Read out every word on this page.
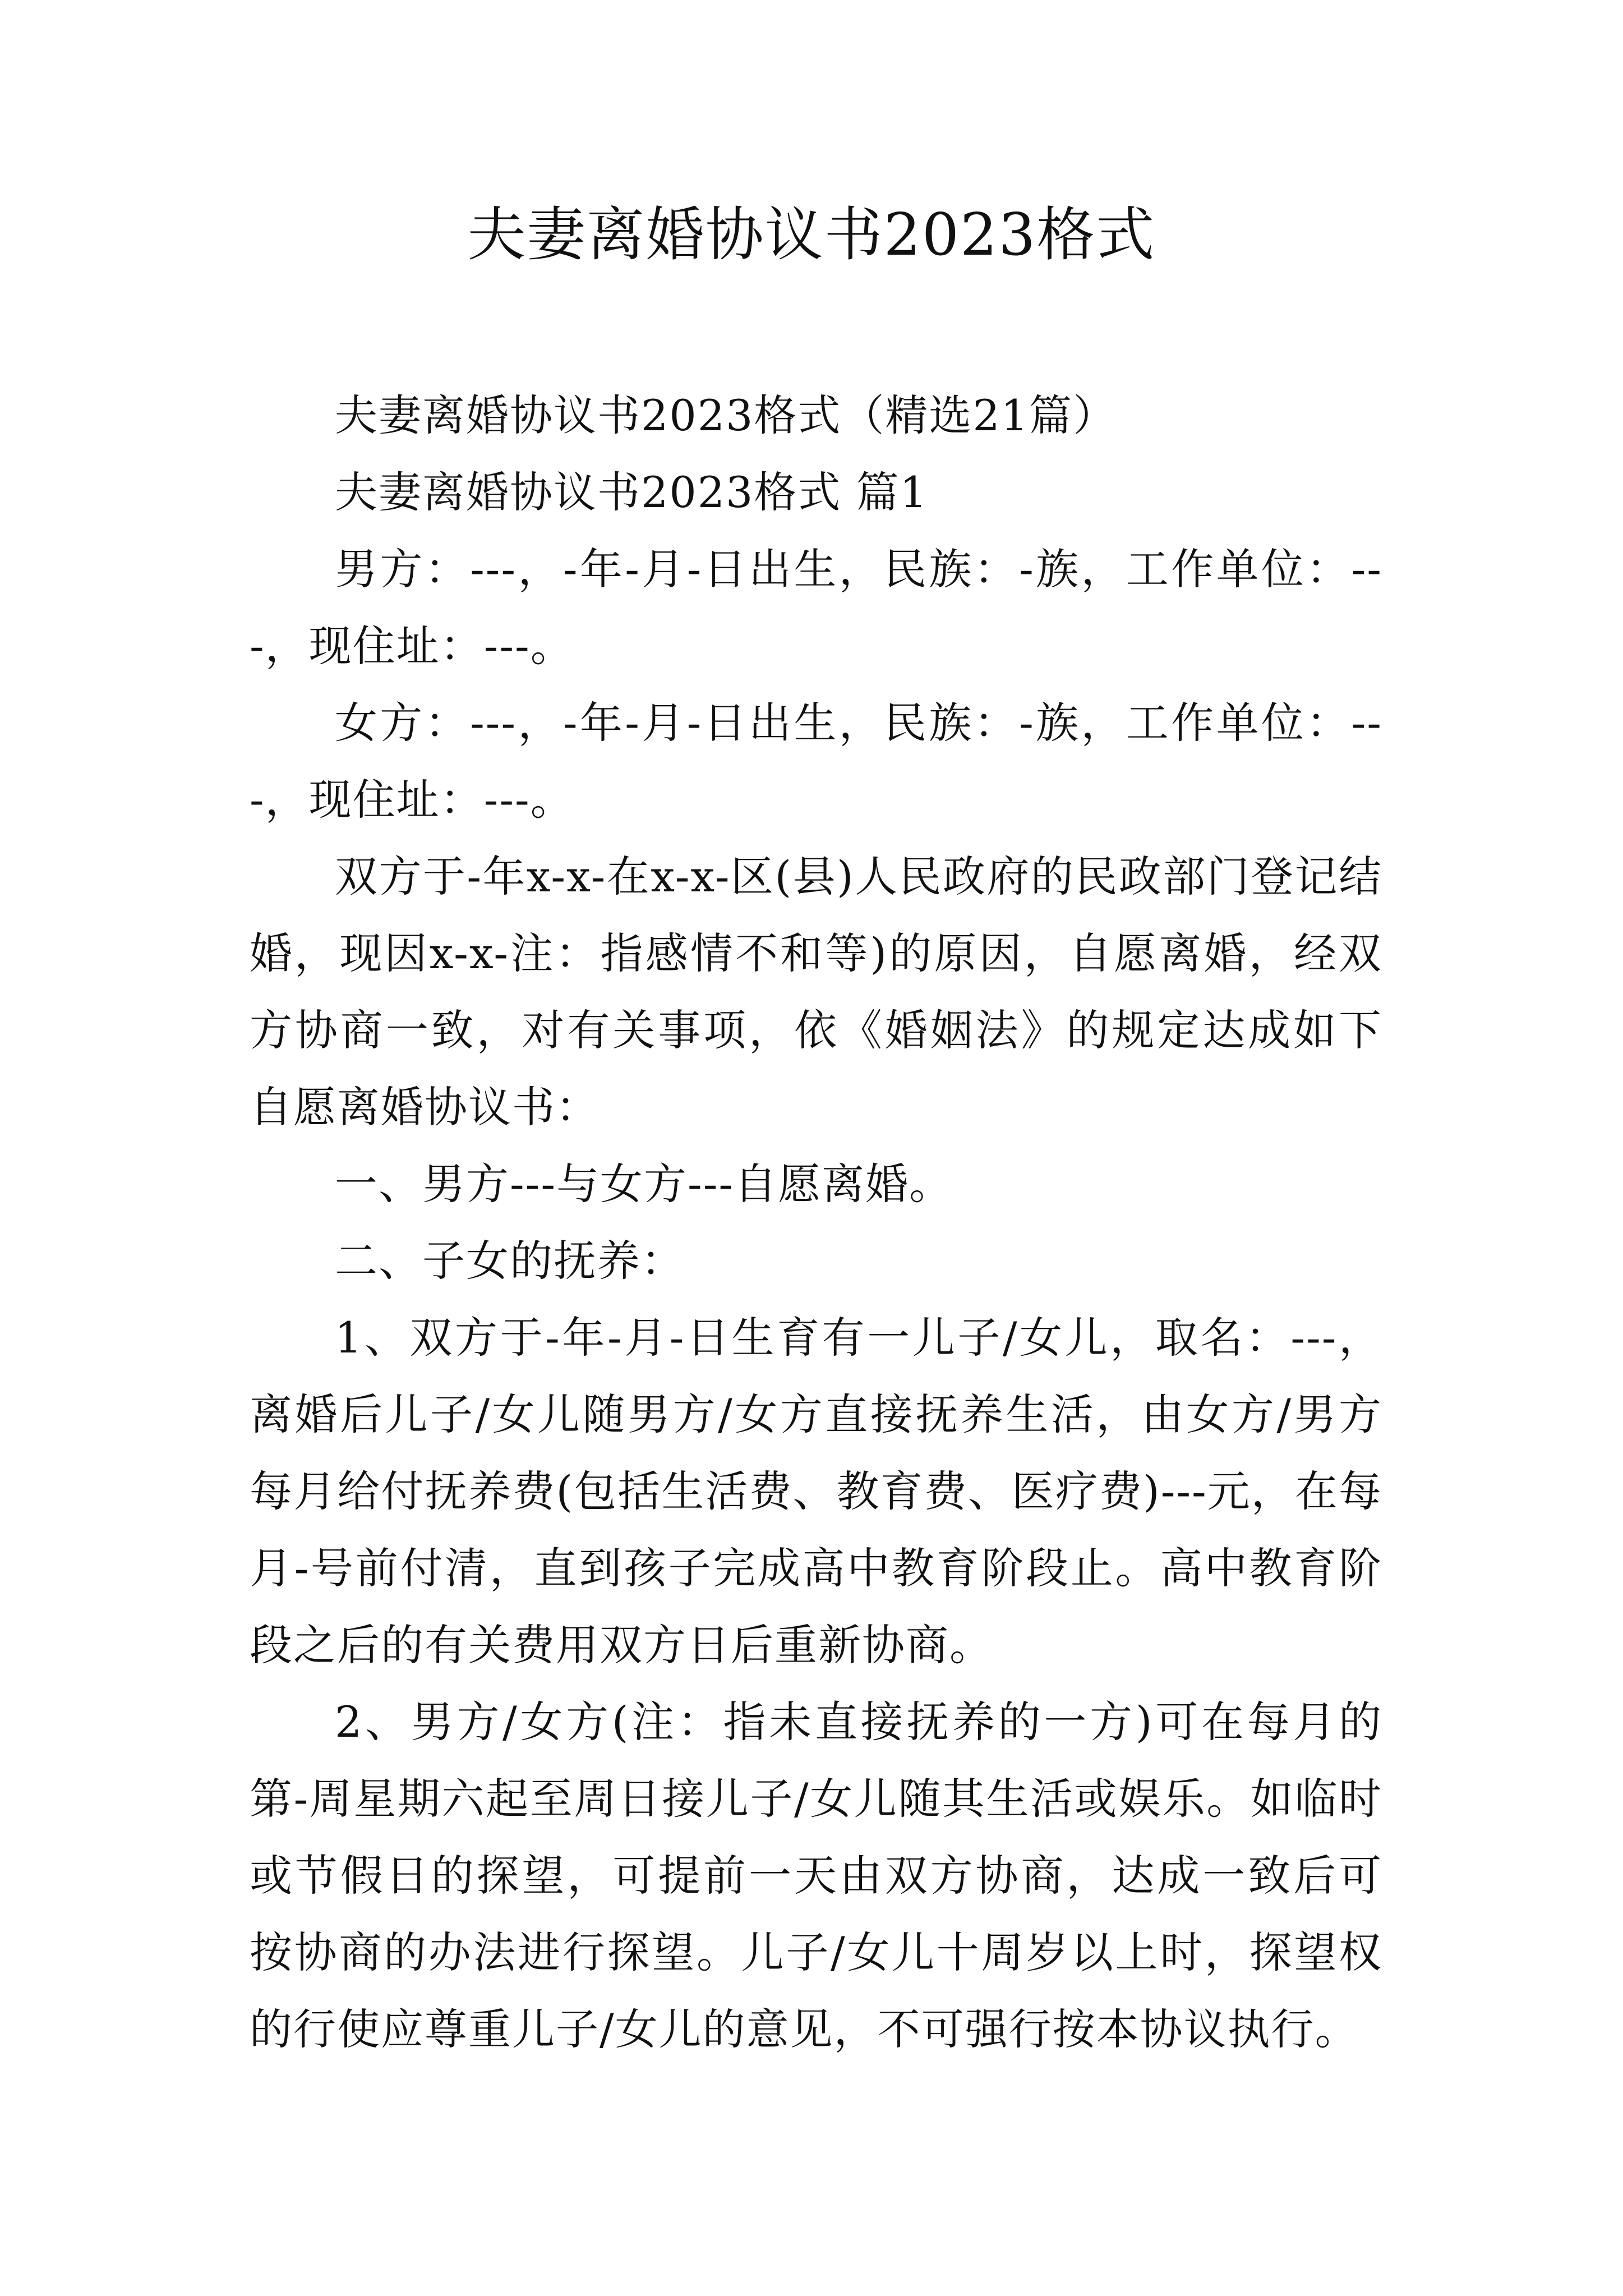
夫妻离婚协议书2023格式

夫妻离婚协议书2023格式（精选21篇）

夫妻离婚协议书2023格式 篇1

男方：---，-年-月-日出生，民族：-族，工作单位：---，现住址：---。

女方：---，-年-月-日出生，民族：-族，工作单位：---，现住址：---。

双方于-年x-x-在x-x-区(县)人民政府的民政部门登记结婚，现因x-x-注：指感情不和等)的原因，自愿离婚，经双方协商一致，对有关事项，依《婚姻法》的规定达成如下自愿离婚协议书：

一、男方---与女方---自愿离婚。

二、子女的抚养：

1、双方于-年-月-日生育有一儿子/女儿，取名：---，离婚后儿子/女儿随男方/女方直接抚养生活，由女方/男方每月给付抚养费(包括生活费、教育费、医疗费)---元，在每月-号前付清，直到孩子完成高中教育阶段止。高中教育阶段之后的有关费用双方日后重新协商。

2、男方/女方(注：指未直接抚养的一方)可在每月的第-周星期六起至周日接儿子/女儿随其生活或娱乐。如临时或节假日的探望，可提前一天由双方协商，达成一致后可按协商的办法进行探望。儿子/女儿十周岁以上时，探望权的行使应尊重儿子/女儿的意见，不可强行按本协议执行。
